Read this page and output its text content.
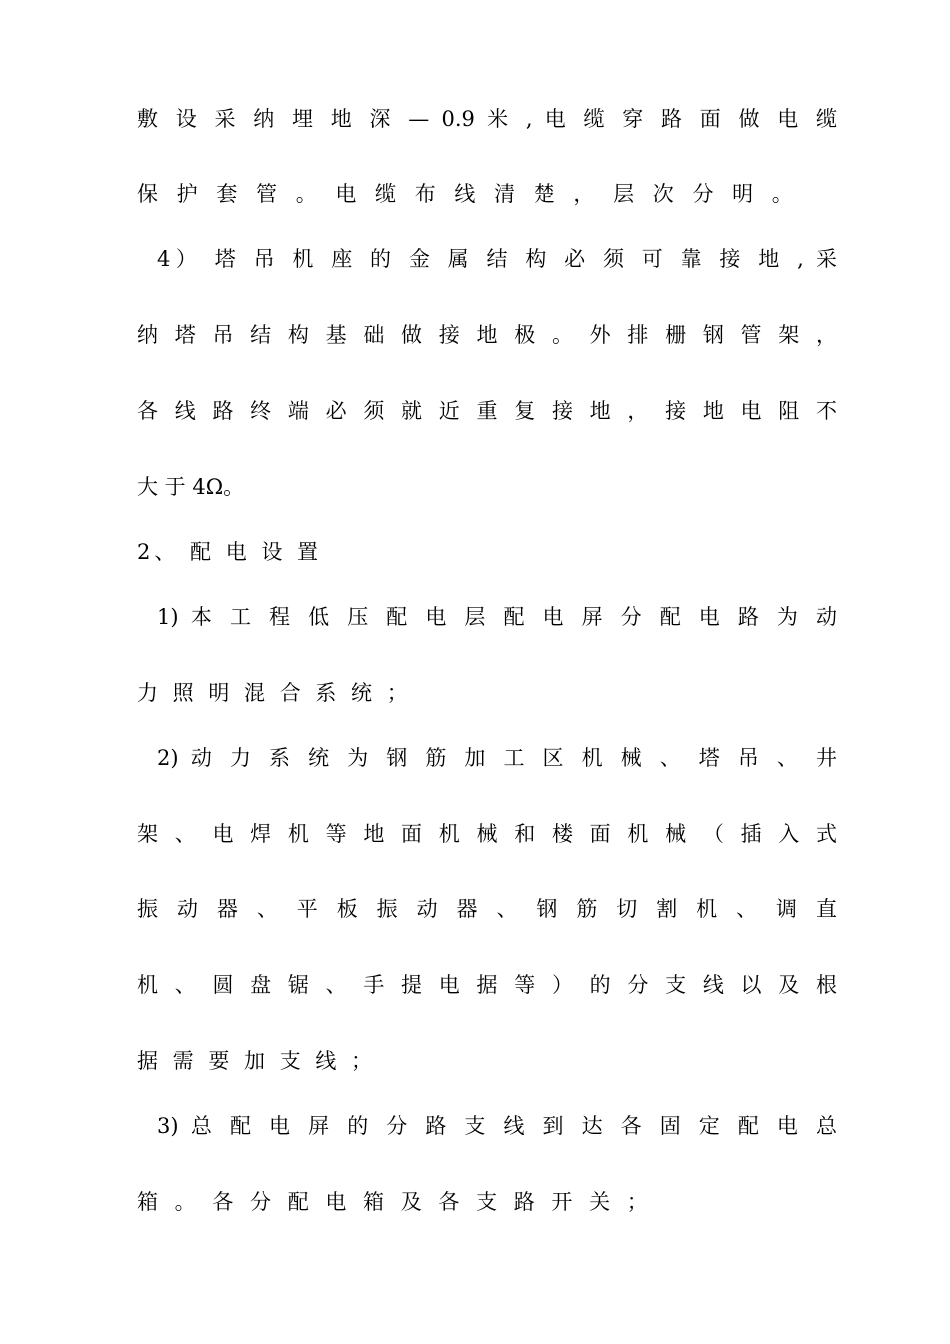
敷 设 采 纳 埋 地 深 — 0.9 米 , 电 缆 穿 路 面 做 电 缆
保 护 套 管 。 电 缆 布 线 清 楚 ， 层 次 分 明 。
4） 塔 吊 机 座 的 金 属 结 构 必 须 可 靠 接 地 , 采
纳 塔 吊 结 构 基 础 做 接 地 极 。 外 排 栅 钢 管 架 ，
各 线 路 终 端 必 须 就 近 重 复 接 地 ， 接 地 电 阻 不
大 于 4Ω。
2、 配 电 设 置
1) 本 工 程 低 压 配 电 层 配 电 屏 分 配 电 路 为 动
力 照 明 混 合 系 统 ；
2) 动 力 系 统 为 钢 筋 加 工 区 机 械 、 塔 吊 、 井
架 、 电 焊 机 等 地 面 机 械 和 楼 面 机 械 （ 插 入 式
振 动 器 、 平 板 振 动 器 、 钢 筋 切 割 机 、 调 直
机 、 圆 盘 锯 、 手 提 电 据 等 ） 的 分 支 线 以 及 根
据 需 要 加 支 线 ；
3) 总 配 电 屏 的 分 路 支 线 到 达 各 固 定 配 电 总
箱 。 各 分 配 电 箱 及 各 支 路 开 关 ；
